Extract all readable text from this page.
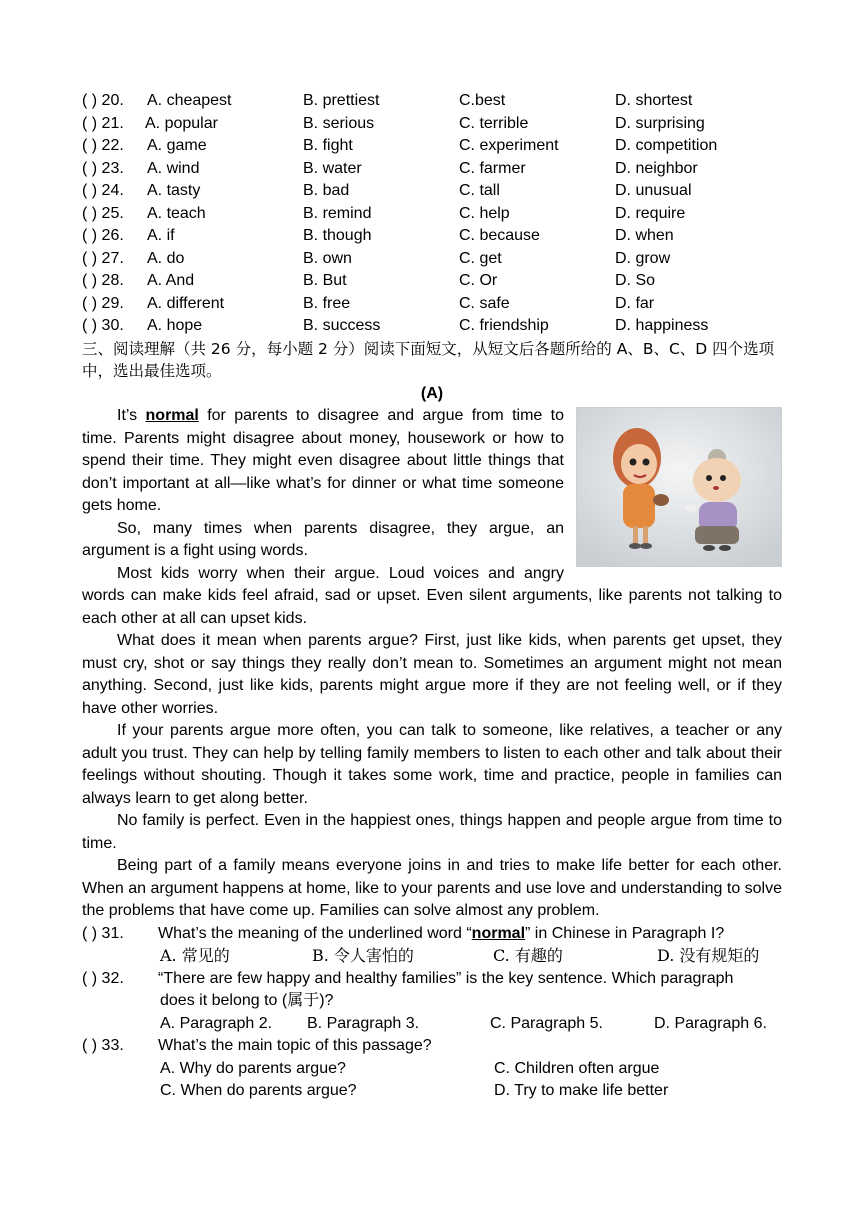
( ) 20. A. cheapest	B. prettiest	C.best	D. shortest
( ) 21. A. popular	B. serious	C. terrible	D. surprising
( ) 22. A. game	B. fight	C. experiment	D. competition
( ) 23. A. wind	B. water	C. farmer	D. neighbor
( ) 24. A. tasty	B. bad	C. tall	D. unusual
( ) 25. A. teach	B. remind	C. help	D. require
( ) 26. A. if	B. though	C. because	D. when
( ) 27. A. do	B. own	C. get	D. grow
( ) 28. A. And	B. But	C. Or	D. So
( ) 29. A. different	B. free	C. safe	D. far
( ) 30. A. hope	B. success	C. friendship	D. happiness
三、阅读理解（共 26 分，每小题 2 分）阅读下面短文，从短文后各题所给的 A、B、C、D 四个选项中，选出最佳选项。
(A)

It’s normal for parents to disagree and argue from time to time. Parents might disagree about money, housework or how to spend their time. They might even disagree about little things that don’t important at all—like what’s for dinner or what time someone gets home.

So, many times when parents disagree, they argue, an argument is a fight using words.

Most kids worry when their argue. Loud voices and angry words can make kids feel afraid, sad or upset. Even silent arguments, like parents not talking to each other at all can upset kids.

What does it mean when parents argue? First, just like kids, when parents get upset, they must cry, shot or say things they really don’t mean to. Sometimes an argument might not mean anything. Second, just like kids, parents might argue more if they are not feeling well, or if they have other worries.

If your parents argue more often, you can talk to someone, like relatives, a teacher or any adult you trust. They can help by telling family members to listen to each other and talk about their feelings without shouting. Though it takes some work, time and practice, people in families can always learn to get along better.

No family is perfect. Even in the happiest ones, things happen and people argue from time to time.

Being part of a family means everyone joins in and tries to make life better for each other. When an argument happens at home, like to your parents and use love and understanding to solve the problems that have come up. Families can solve almost any problem.

( ) 31. What’s the meaning of the underlined word “normal” in Chinese in Paragraph I?
A. 常见的	B. 令人害怕的	C. 有趣的	D. 没有规矩的
( ) 32. “There are few happy and healthy families” is the key sentence. Which paragraph
does it belong to (属于)?
A. Paragraph 2. B. Paragraph 3.	C. Paragraph 5.	D. Paragraph 6.
( ) 33. What’s the main topic of this passage?
A. Why do parents argue?	C. Children often argue
C. When do parents argue?	D. Try to make life better
